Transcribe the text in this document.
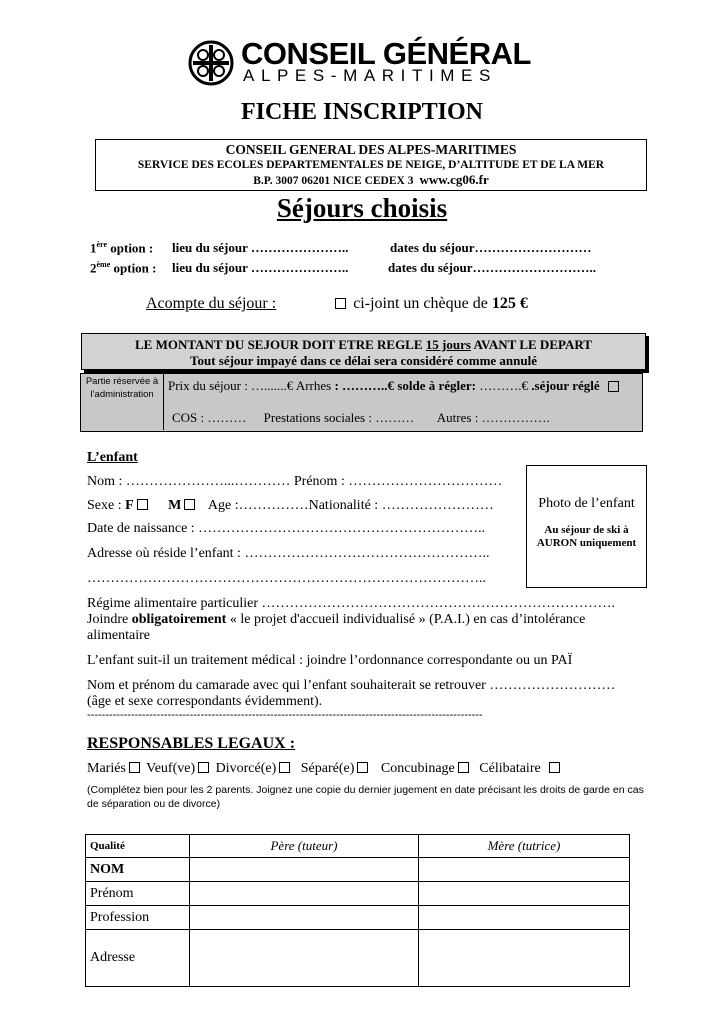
CONSEIL GÉNÉRAL
ALPES-MARITIMES
FICHE INSCRIPTION
CONSEIL GENERAL DES ALPES-MARITIMES
SERVICE DES ECOLES DEPARTEMENTALES DE NEIGE, D’ALTITUDE ET DE LA MER
B.P. 3007 06201 NICE CEDEX 3 www.cg06.fr
Séjours choisis
1ère option : lieu du séjour …………………..	dates du séjour………………………
2ème option : lieu du séjour …………………..	dates du séjour………………………..
Acompte du séjour :	ci-joint un chèque de 125 €
LE MONTANT DU SEJOUR DOIT ETRE REGLE 15 jours AVANT LE DEPART
Tout séjour impayé dans ce délai sera considéré comme annulé
Partie réservée à l’administration
Prix du séjour : ….......€ Arrhes : ………..€ solde à régler: ……….€ .séjour réglé
COS : ……… Prestations sociales : ……… Autres : …………….
L’enfant
Nom : …………………...………… Prénom : ……………………………
Sexe : F M Age :……………Nationalité : ……………………
Date de naissance : ……………………………………………………..
Adresse où réside l’enfant : ……………………………………………..
…………………………………………………………………………..
Photo de l’enfant
Au séjour de ski à AURON uniquement
Régime alimentaire particulier ………………………………………………………………….
Joindre obligatoirement « le projet d'accueil individualisé » (P.A.I.) en cas d’intolérance
alimentaire
L’enfant suit-il un traitement médical : joindre l’ordonnance correspondante ou un PAÏ
Nom et prénom du camarade avec qui l’enfant souhaiterait se retrouver ………………………
(âge et sexe correspondants évidemment).
------------------------------------------------------------------------------------------------------------
RESPONSABLES LEGAUX :
Mariés Veuf(ve) Divorcé(e) Séparé(e) Concubinage Célibataire
(Complétez bien pour les 2 parents. Joignez une copie du dernier jugement en date précisant les droits de garde en cas de séparation ou de divorce)
Qualité	Père (tuteur)	Mère (tutrice)
NOM		
Prénom		
Profession		
Adresse		
